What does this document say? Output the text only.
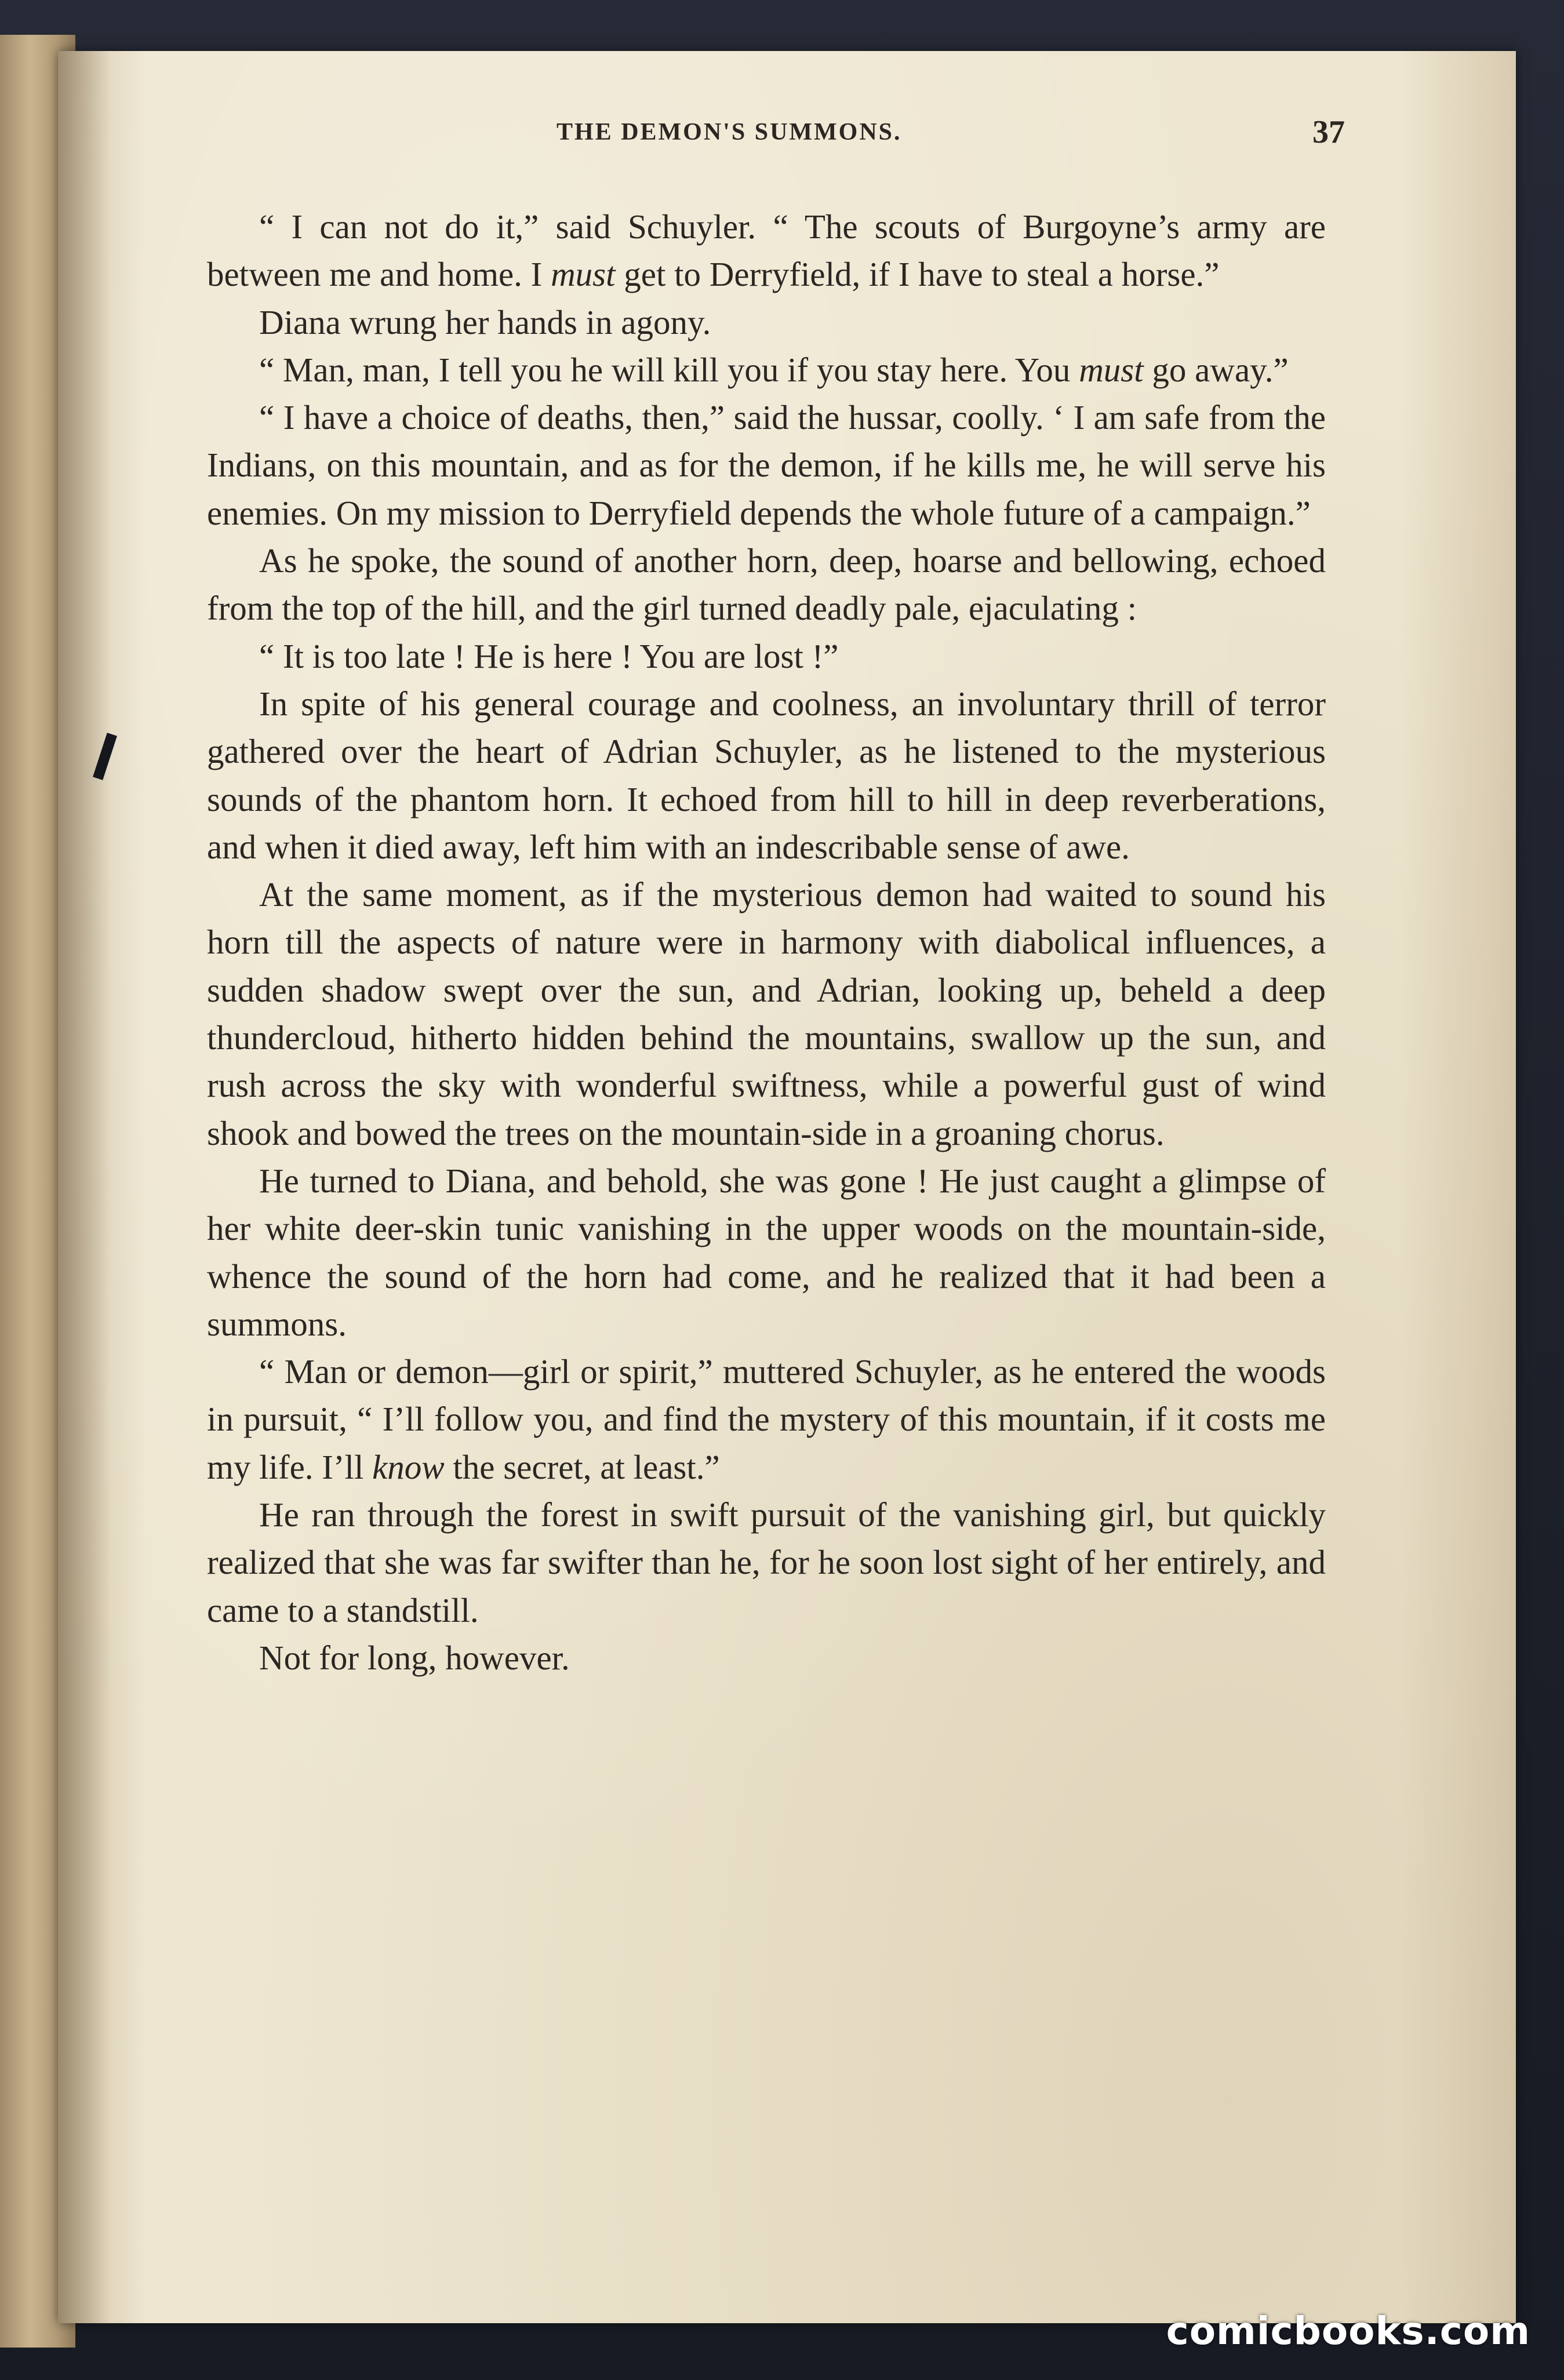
THE DEMON'S SUMMONS.	37

“ I can not do it,” said Schuyler. “ The scouts of Burgoyne’s army are between me and home. I must get to Derryfield, if I have to steal a horse.”

Diana wrung her hands in agony.

“ Man, man, I tell you he will kill you if you stay here. You must go away.”

“ I have a choice of deaths, then,” said the hussar, coolly. ‘ I am safe from the Indians, on this mountain, and as for the demon, if he kills me, he will serve his enemies. On my mission to Derryfield depends the whole future of a campaign.”

As he spoke, the sound of another horn, deep, hoarse and bellowing, echoed from the top of the hill, and the girl turned deadly pale, ejaculating :

“ It is too late ! He is here ! You are lost !”

In spite of his general courage and coolness, an involuntary thrill of terror gathered over the heart of Adrian Schuyler, as he listened to the mysterious sounds of the phantom horn. It echoed from hill to hill in deep reverberations, and when it died away, left him with an indescribable sense of awe.

At the same moment, as if the mysterious demon had waited to sound his horn till the aspects of nature were in harmony with diabolical influences, a sudden shadow swept over the sun, and Adrian, looking up, beheld a deep thundercloud, hitherto hidden behind the mountains, swallow up the sun, and rush across the sky with wonderful swiftness, while a powerful gust of wind shook and bowed the trees on the mountain-side in a groaning chorus.

He turned to Diana, and behold, she was gone ! He just caught a glimpse of her white deer-skin tunic vanishing in the upper woods on the mountain-side, whence the sound of the horn had come, and he realized that it had been a summons.

“ Man or demon—girl or spirit,” muttered Schuyler, as he entered the woods in pursuit, “ I’ll follow you, and find the mystery of this mountain, if it costs me my life. I’ll know the secret, at least.”

He ran through the forest in swift pursuit of the vanishing girl, but quickly realized that she was far swifter than he, for he soon lost sight of her entirely, and came to a standstill.

Not for long, however.

comicbooks.com
